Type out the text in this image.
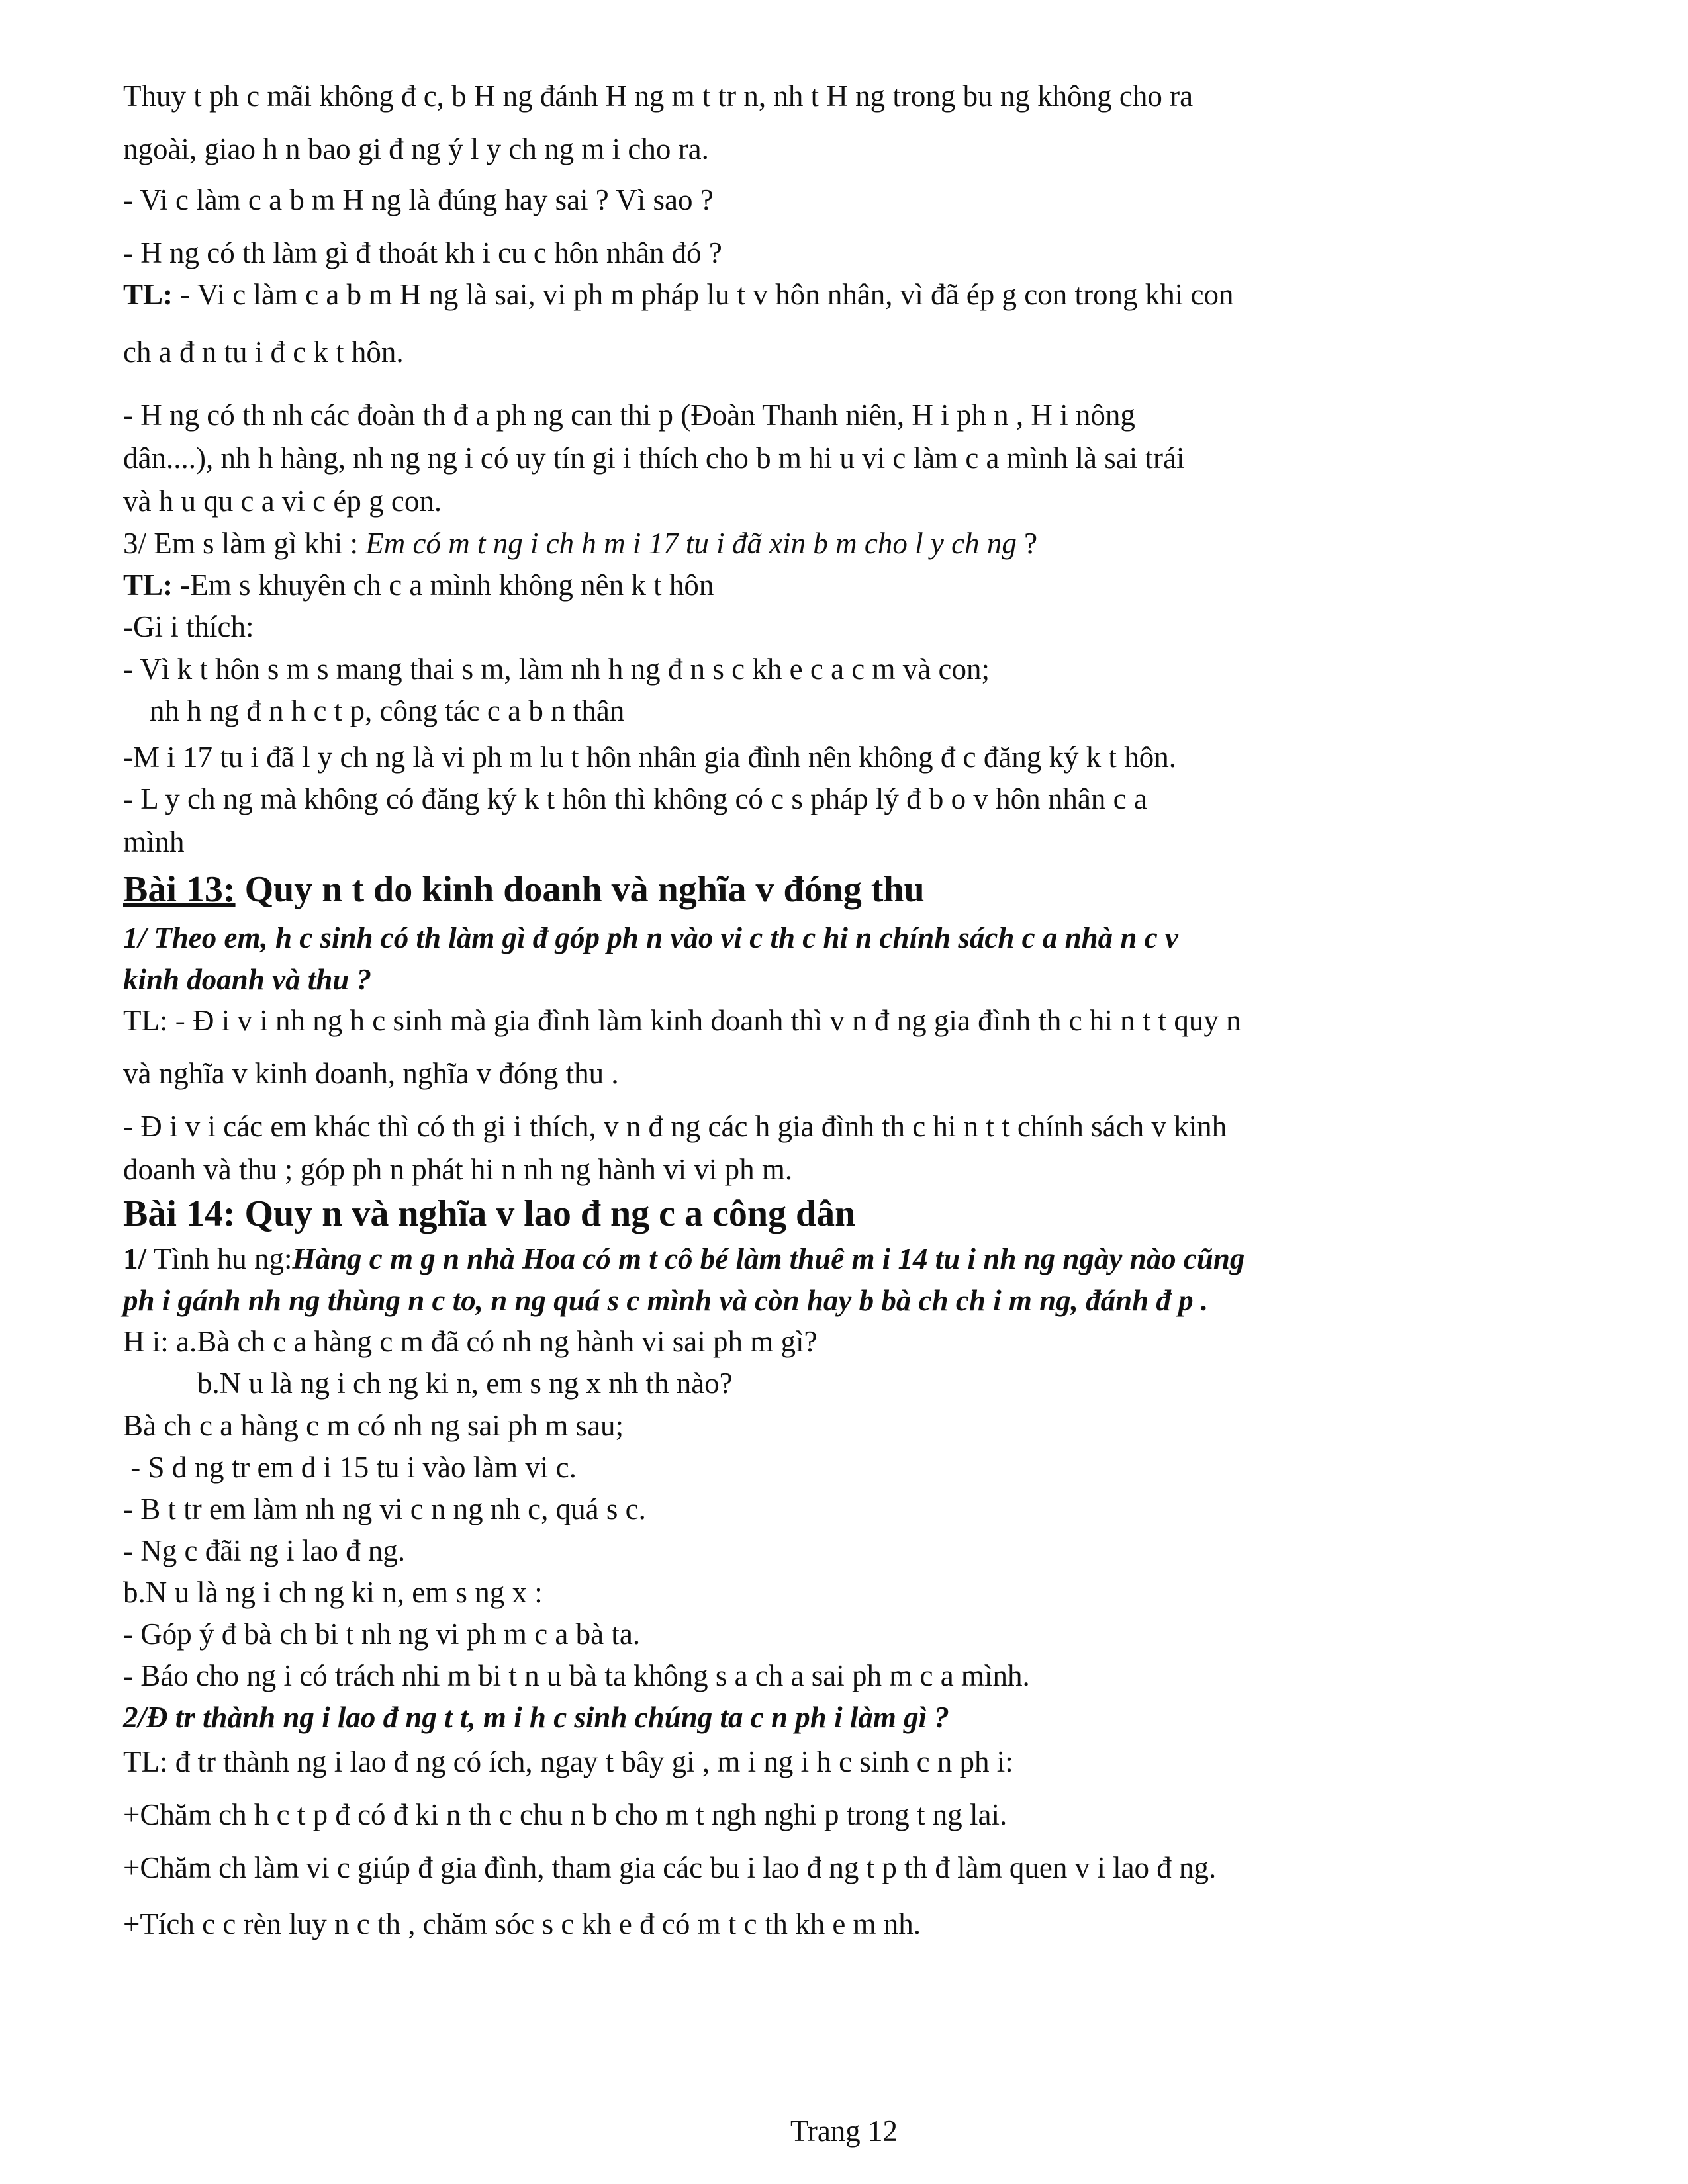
Thuy t ph c mãi không đ c, b H ng đánh H ng m t tr n, nh t H ng trong bu ng không cho ra
ngoài, giao h n bao gi đ ng ý l y ch ng m i cho ra.
- Vi c làm c a b m H ng là đúng hay sai ? Vì sao ?
- H ng có th làm gì đ thoát kh i cu c hôn nhân đó ?
TL: - Vi c làm c a b m H ng là sai, vi ph m pháp lu t v hôn nhân, vì đã ép g con trong khi con
ch a đ n tu i đ c k t hôn.
- H ng có th nh các đoàn th đ a ph ng can thi p (Đoàn Thanh niên, H i ph n , H i nông
dân....), nh h hàng, nh ng ng i có uy tín gi i thích cho b m hi u vi c làm c a mình là sai trái
và h u qu c a vi c ép g con.
3/ Em s làm gì khi : Em có m t ng i ch h m i 17 tu i đã xin b m cho l y ch ng ?
TL: -Em s khuyên ch c a mình không nên k t hôn
-Gi i thích:
- Vì k t hôn s m s mang thai s m, làm nh h ng đ n s c kh e c a c m và con;
nh h ng đ n h c t p, công tác c a b n thân
-M i 17 tu i đã l y ch ng là vi ph m lu t hôn nhân gia đình nên không đ c đăng ký k t hôn.
- L y ch ng mà không có đăng ký k t hôn thì không có c s pháp lý đ b o v hôn nhân c a
mình
Bài 13: Quy n t do kinh doanh và nghĩa v đóng thu
1/ Theo em, h c sinh có th làm gì đ góp ph n vào vi c th c hi n chính sách c a nhà n c v
kinh doanh và thu ?
TL: - Đ i v i nh ng h c sinh mà gia đình làm kinh doanh thì v n đ ng gia đình th c hi n t t quy n
và nghĩa v kinh doanh, nghĩa v đóng thu .
- Đ i v i các em khác thì có th gi i thích, v n đ ng các h gia đình th c hi n t t chính sách v kinh
doanh và thu ; góp ph n phát hi n nh ng hành vi vi ph m.
Bài 14: Quy n và nghĩa v lao đ ng c a công dân
1/ Tình hu ng:Hàng c m g n nhà Hoa có m t cô bé làm thuê m i 14 tu i nh ng ngày nào cũng
ph i gánh nh ng thùng n c to, n ng quá s c mình và còn hay b bà ch ch i m ng, đánh đ p .
H i: a.Bà ch c a hàng c m đã có nh ng hành vi sai ph m gì?
b.N u là ng i ch ng ki n, em s ng x nh th nào?
Bà ch c a hàng c m có nh ng sai ph m sau;
- S d ng tr em d i 15 tu i vào làm vi c.
- B t tr em làm nh ng vi c n ng nh c, quá s c.
- Ng c đãi ng i lao đ ng.
b.N u là ng i ch ng ki n, em s ng x :
- Góp ý đ bà ch bi t nh ng vi ph m c a bà ta.
- Báo cho ng i có trách nhi m bi t n u bà ta không s a ch a sai ph m c a mình.
2/Đ tr thành ng i lao đ ng t t, m i h c sinh chúng ta c n ph i làm gì ?
TL: đ tr thành ng i lao đ ng có ích, ngay t bây gi , m i ng i h c sinh c n ph i:
+Chăm ch h c t p đ có đ ki n th c chu n b cho m t ngh nghi p trong t ng lai.
+Chăm ch làm vi c giúp đ gia đình, tham gia các bu i lao đ ng t p th đ làm quen v i lao đ ng.
+Tích c c rèn luy n c th , chăm sóc s c kh e đ có m t c th kh e m nh.
Trang 12
